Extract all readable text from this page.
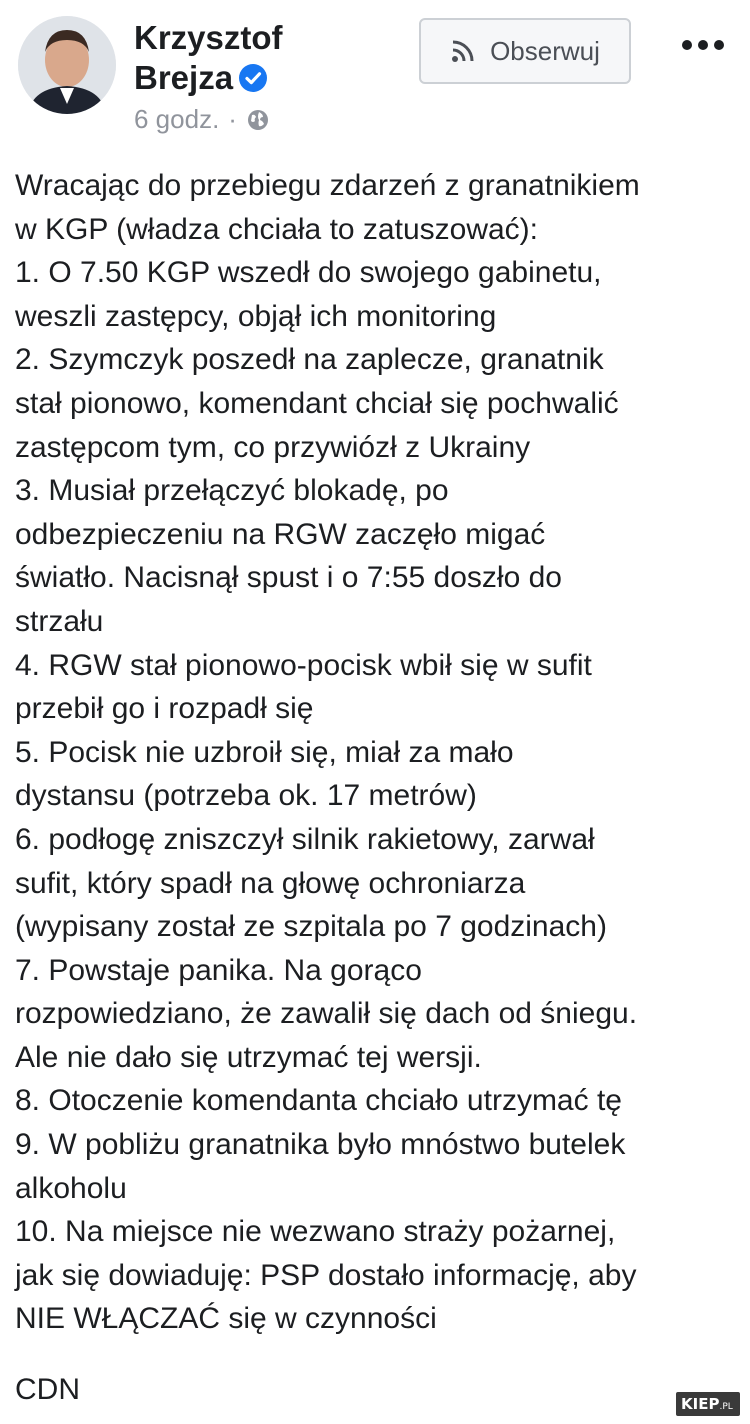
Krzysztof
Brejza
6 godz. ·
Obserwuj
Wracając do przebiegu zdarzeń z granatnikiem
w KGP (władza chciała to zatuszować):
1. O 7.50 KGP wszedł do swojego gabinetu,
weszli zastępcy, objął ich monitoring
2. Szymczyk poszedł na zaplecze, granatnik
stał pionowo, komendant chciał się pochwalić
zastępcom tym, co przywiózł z Ukrainy
3. Musiał przełączyć blokadę, po
odbezpieczeniu na RGW zaczęło migać
światło. Nacisnął spust i o 7:55 doszło do
strzału
4. RGW stał pionowo-pocisk wbił się w sufit
przebił go i rozpadł się
5. Pocisk nie uzbroił się, miał za mało
dystansu (potrzeba ok. 17 metrów)
6. podłogę zniszczył silnik rakietowy, zarwał
sufit, który spadł na głowę ochroniarza
(wypisany został ze szpitala po 7 godzinach)
7. Powstaje panika. Na gorąco
rozpowiedziano, że zawalił się dach od śniegu.
Ale nie dało się utrzymać tej wersji.
8. Otoczenie komendanta chciało utrzymać tę
9. W pobliżu granatnika było mnóstwo butelek
alkoholu
10. Na miejsce nie wezwano straży pożarnej,
jak się dowiaduję: PSP dostało informację, aby
NIE WŁĄCZAĆ się w czynności
CDN	KIEP.PL
